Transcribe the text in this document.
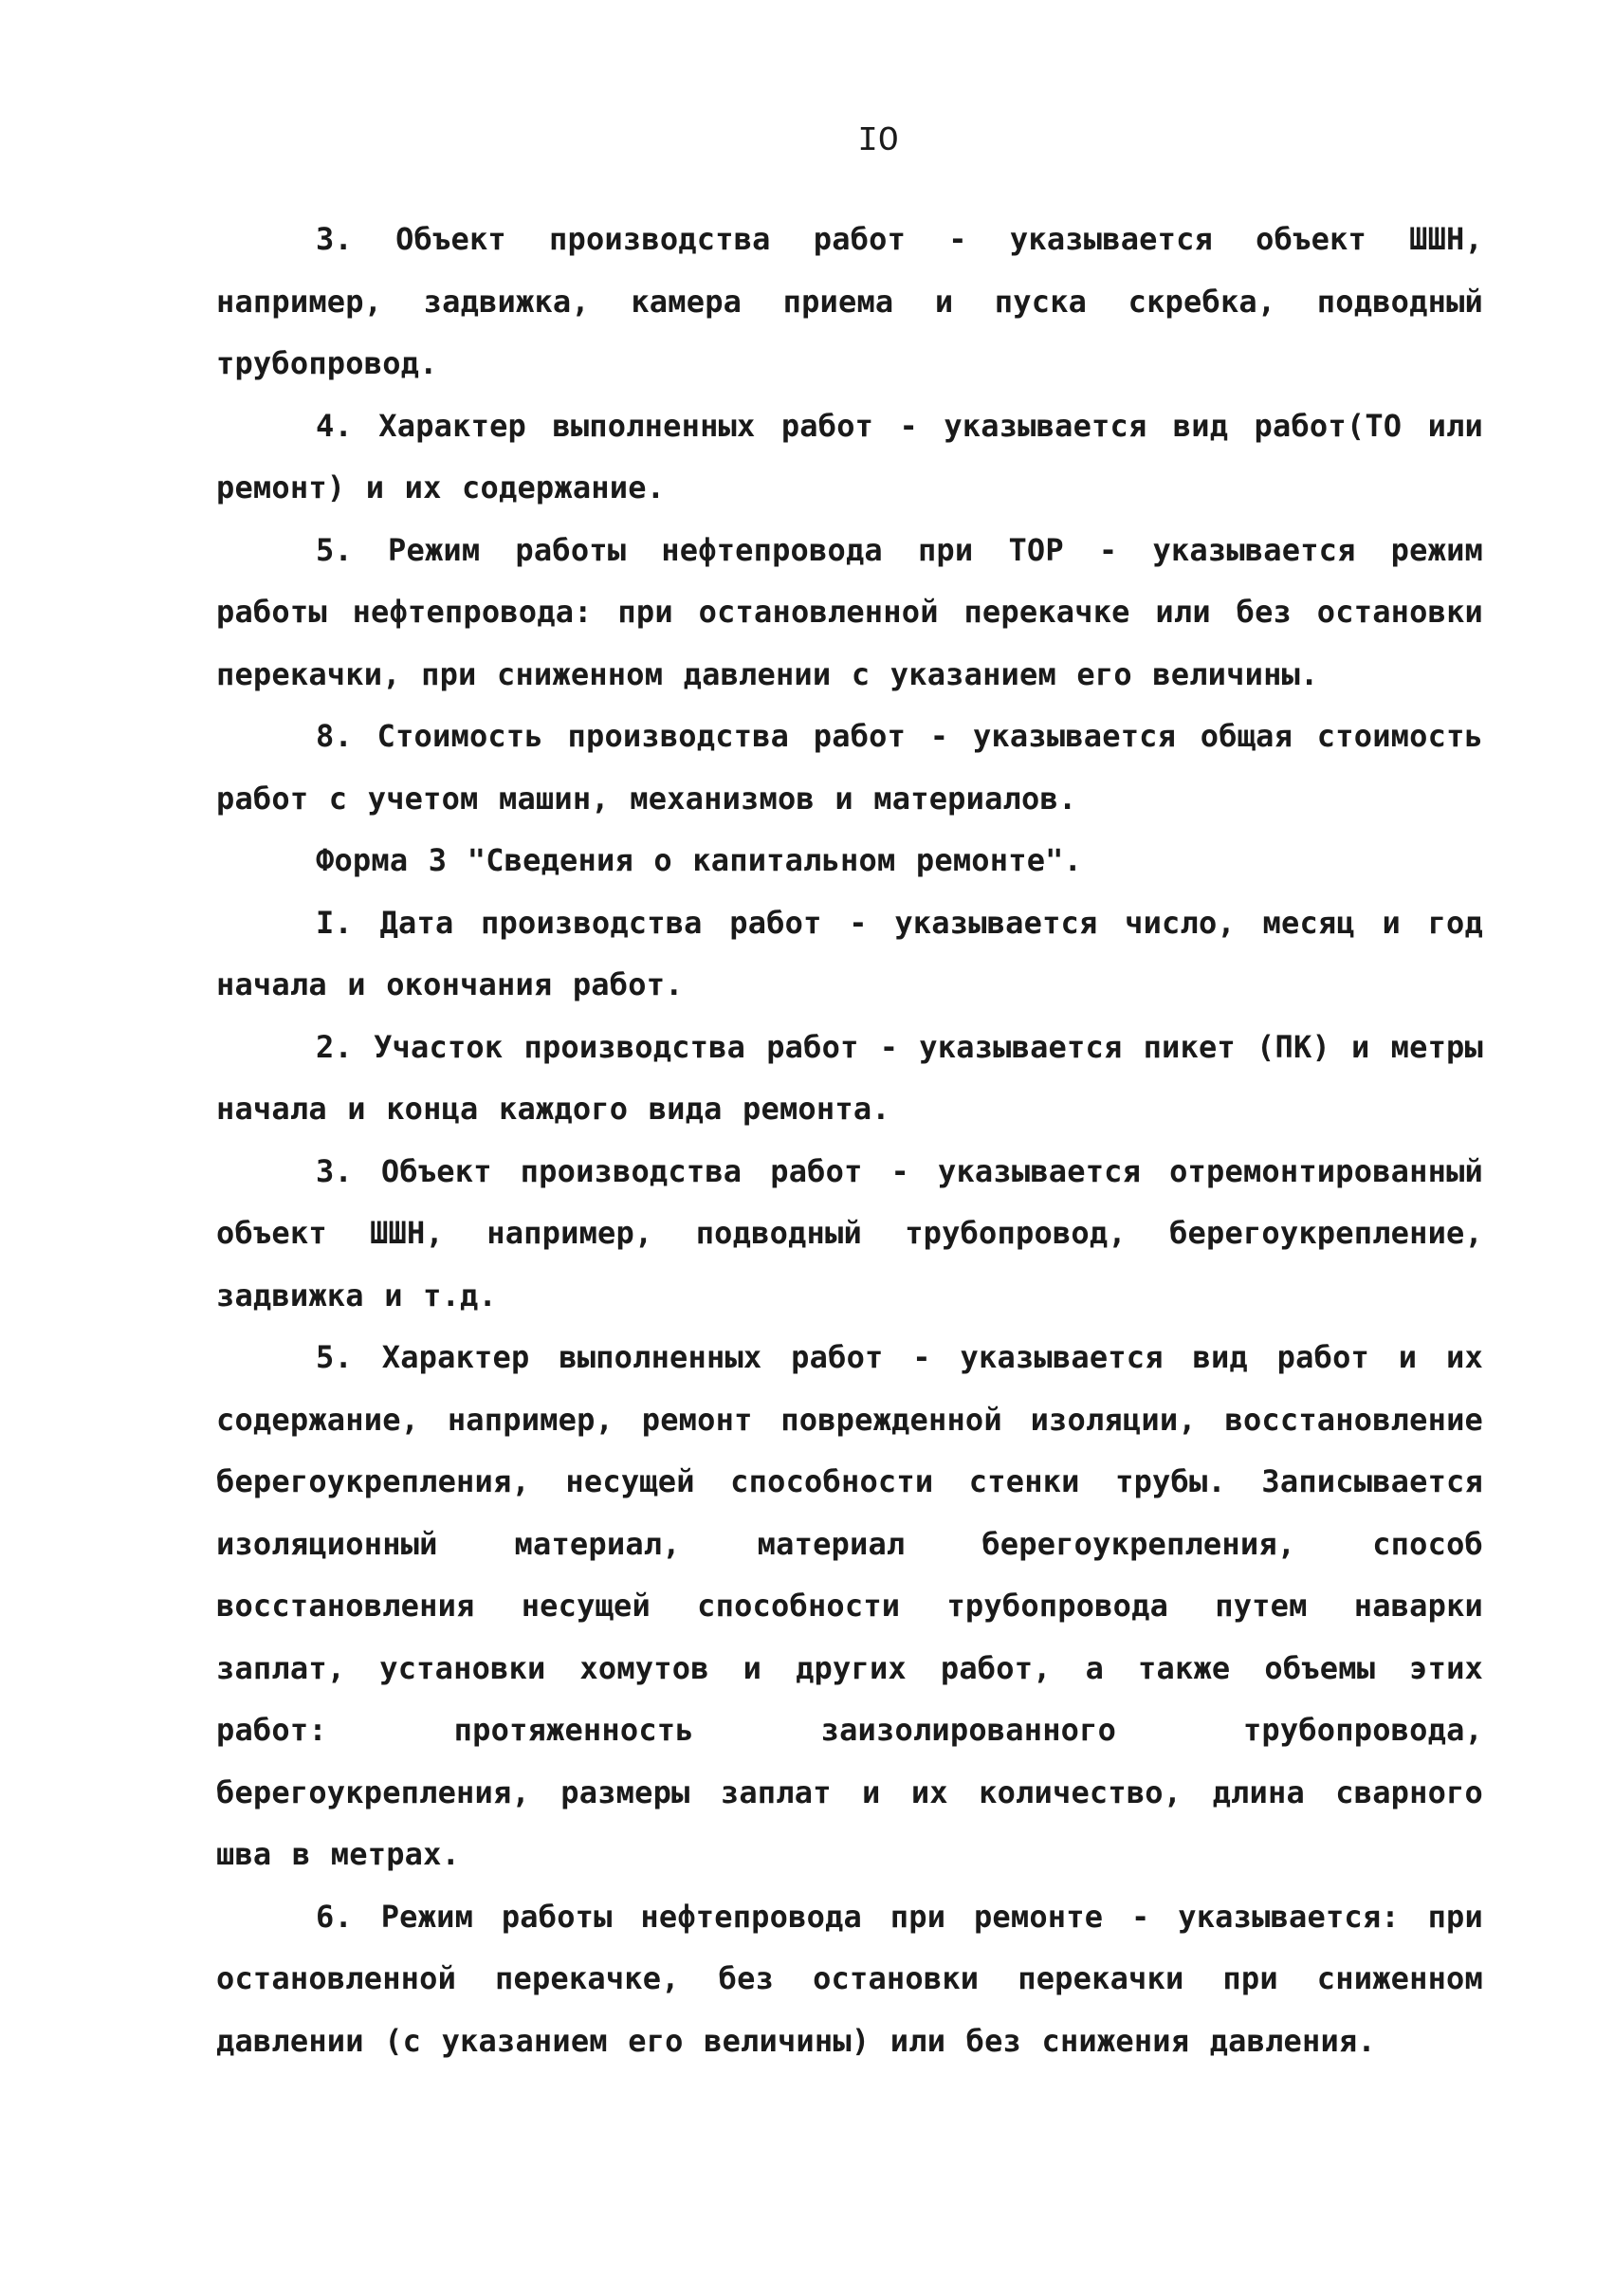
IO

3. Объект производства работ - указывается объект ШШН, например, задвижка, камера приема и пуска скребка, подводный трубопровод.

4. Характер выполненных работ - указывается вид работ(ТО или ремонт) и их содержание.

5. Режим работы нефтепровода при ТОР - указывается режим работы нефтепровода: при остановленной перекачке или без остановки перекачки, при сниженном давлении с указанием его величины.

8. Стоимость производства работ - указывается общая стоимость работ с учетом машин, механизмов и материалов.

Форма 3 "Сведения о капитальном ремонте".

I. Дата производства работ - указывается число, месяц и год начала и окончания работ.

2. Участок производства работ - указывается пикет (ПК) и метры начала и конца каждого вида ремонта.

3. Объект производства работ - указывается отремонтированный объект ШШН, например, подводный трубопровод, берегоукрепление, задвижка и т.д.

5. Характер выполненных работ - указывается вид работ и их содержание, например, ремонт поврежденной изоляции, восстановление берегоукрепления, несущей способности стенки трубы. Записывается изоляционный материал, материал берегоукрепления, способ восстановления несущей способности трубопровода путем наварки заплат, установки хомутов и других работ, а также объемы этих работ: протяженность заизолированного трубопровода, берегоукрепления, размеры заплат и их количество, длина сварного шва в метрах.

6. Режим работы нефтепровода при ремонте - указывается: при остановленной перекачке, без остановки перекачки при сниженном давлении (с указанием его величины) или без снижения давления.
